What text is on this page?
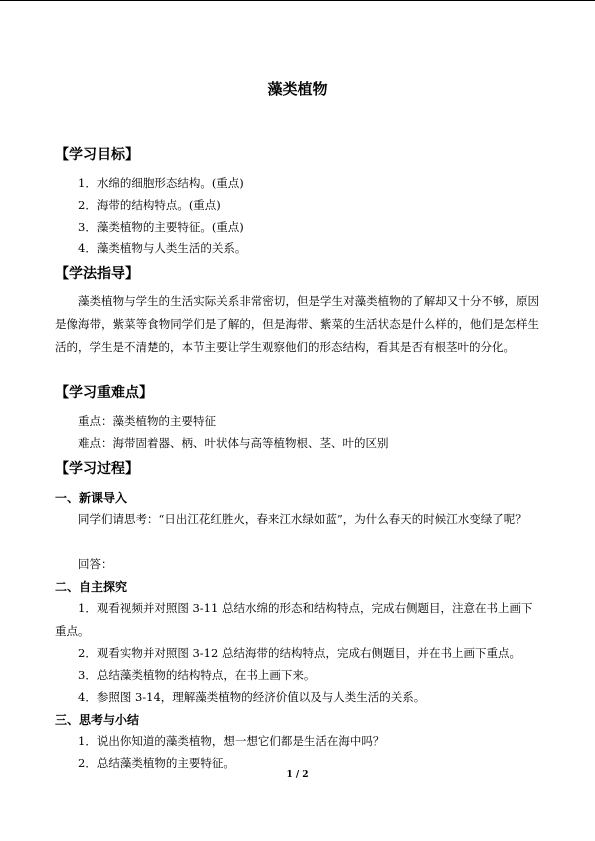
藻类植物
【学习目标】
1．水绵的细胞形态结构。(重点)
2．海带的结构特点。(重点)
3．藻类植物的主要特征。(重点)
4．藻类植物与人类生活的关系。
【学法指导】
藻类植物与学生的生活实际关系非常密切，但是学生对藻类植物的了解却又十分不够，原因是像海带，紫菜等食物同学们是了解的，但是海带、紫菜的生活状态是什么样的，他们是怎样生活的，学生是不清楚的，本节主要让学生观察他们的形态结构，看其是否有根茎叶的分化。
【学习重难点】
重点：藻类植物的主要特征
难点：海带固着器、柄、叶状体与高等植物根、茎、叶的区别
【学习过程】
一、新课导入
同学们请思考：“日出江花红胜火，春来江水绿如蓝”，为什么春天的时候江水变绿了呢？
回答：
二、自主探究
1．观看视频并对照图 3-11 总结水绵的形态和结构特点，完成右侧题目，注意在书上画下重点。
2．观看实物并对照图 3-12 总结海带的结构特点，完成右侧题目，并在书上画下重点。
3．总结藻类植物的结构特点，在书上画下来。
4．参照图 3-14，理解藻类植物的经济价值以及与人类生活的关系。
三、思考与小结
1．说出你知道的藻类植物，想一想它们都是生活在海中吗？
2．总结藻类植物的主要特征。
1 / 2
